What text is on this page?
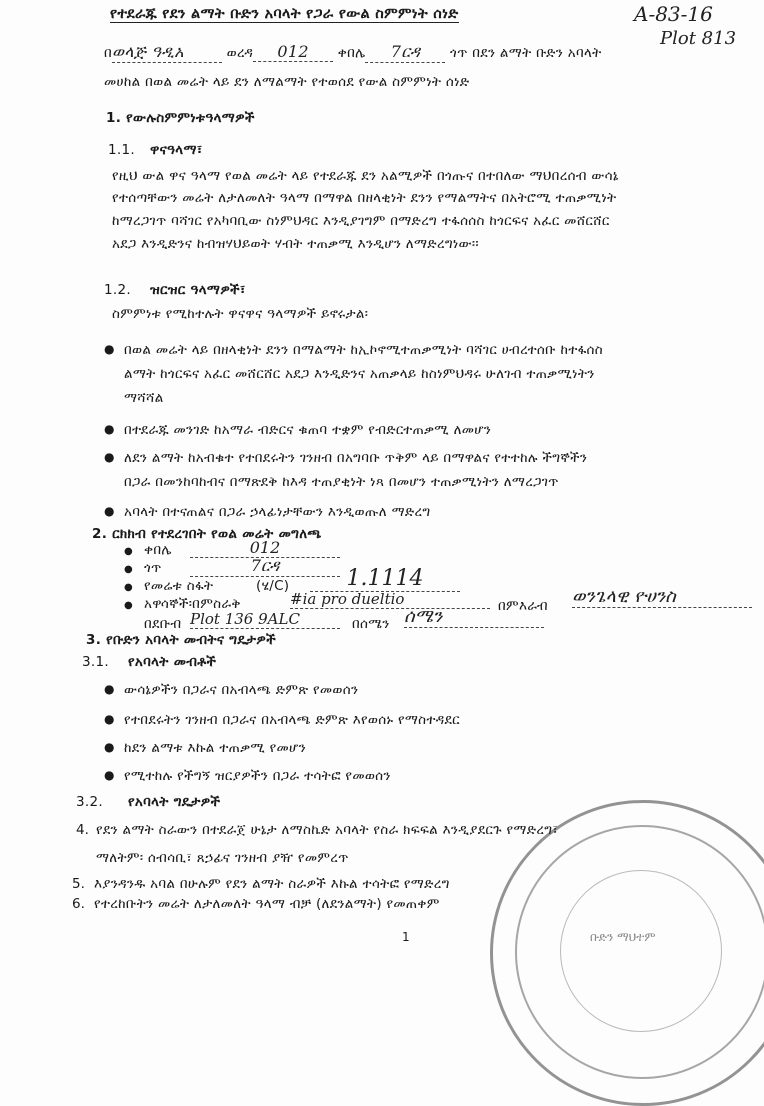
የተደራጁ የደን ልማት ቡድን አባላት የጋራ የውል ስምምነት ሰነድ	A-83-16
Plot 813
በወላጅ ዓዲአ	ወረዳ 012 ቀበሌ 7ርዳ ጎጥ በደን ልማት ቡድን አባላት
መሀከል በወል መሬት ላይ ደን ለማልማት የተወሰደ የውል ስምምነት ሰነድ
1. የውሉስምምነቱዓላማዎች
1.1. ዋናዓላማ፣
የዚህ ውል ዋና ዓላማ የወል መሬት ላይ የተደራጁ ደን አልሚዎች በጎጡና በተበለው ማህበረሰብ ውሳኔ
የተሰጣቸውን መሬት ለታለመለት ዓላማ በማዋል በዘላቂነት ደንን የማልማትና በአትሮሚ ተጠቃሚነት
ከማረጋገጥ ባሻገር የአካባቢው ስነምህዳር እንዲያገግም በማድረግ ተፋሰሰስ ከጎርፍና አፈር መሸርሸር
አደጋ እንዲድንና ከብዝሃህይወት ሃብት ተጠቃሚ እንዲሆን ለማድረግነው፡፡
1.2. ዝርዝር ዓላማዎች፣
ስምምነቱ የሚከተሉት ዋናዋና ዓላማዎች ይኖሩታል፡
● በወል መሬት ላይ በዘላቂነት ደንን በማልማት ከኢኮኖሚተጠቃሚነት ባሻገር ሀብረተሰቡ ከተፋሰስ
ልማት ከጎርፍና አፈር መሸርሸር አደጋ እንዲድንና አጠቃላይ ከስነምህዳሩ ሁለገብ ተጠቃሚነትን
ማሻሻል
● በተደራጁ መንገድ ከአማራ ብድርና ቁጠባ ተቋም የብድርተጠቃሚ ለመሆን
● ለደን ልማት ከአብቁተ የተበደሩትን ገንዘብ በአግባቡ ጥቅም ላይ በማዋልና የተተከሉ ችግኞችን
በጋራ በመንከባከብና በማጽደቅ ከእዳ ተጠያቂነት ነጻ በመሆን ተጠቃሚነትን ለማረጋገጥ
● አባላት በተናጠልና በጋራ ኃላፊነታቸውን እንዲወጡለ ማድረግ
2. ርክክብ የተደረገበት የወል መሬት መግለጫ
● ቀበሌ	012
● ጎጥ	7ርዳ
● የመሬቱ ስፋት	(ሄ/C)	1.1114
● አዋሳኞች፡በምስራቅ	#ia pro dueltio	በምእራብ ወንጌላዊ ዮሀንስ
በደቡብ Plot 136 9ALC	በሰሜን ሰሜን
3. የቡድን አባላት መብትና ግዴታዎች
3.1. የአባላት መብቶች
● ውሳኔዎችን በጋራና በአብላጫ ድምጽ የመወሰን
● የተበደሩትን ገንዘብ በጋራና በአብላጫ ድምጽ እየወሰኑ የማስተዳደር
● ከደን ልማቱ እኩል ተጠቃሚ የመሆን
● የሚተከሉ የችግኝ ዝርያዎችን በጋራ ተሳትፎ የመወሰን
3.2. የአባላት ግዴታዎች
4. የደን ልማት ስራውን በተደራጀ ሁኔታ ለማስኬድ አባላት የስራ ክፍፍል እንዲያደርጉ የማድረግ፣
ማለትም፡ ሰብሳቢ፣ ጸኃፊና ገንዘብ ያዥ የመምረጥ
5. እያንዳንዱ አባል በሁሉም የደን ልማት ስራዎች እኩል ተሳትፎ የማድረግ
6. የተረከቡትን መሬት ለታለመለት ዓላማ ብቻ (ለደንልማት) የመጠቀም
ቡድን ማህተም
1
